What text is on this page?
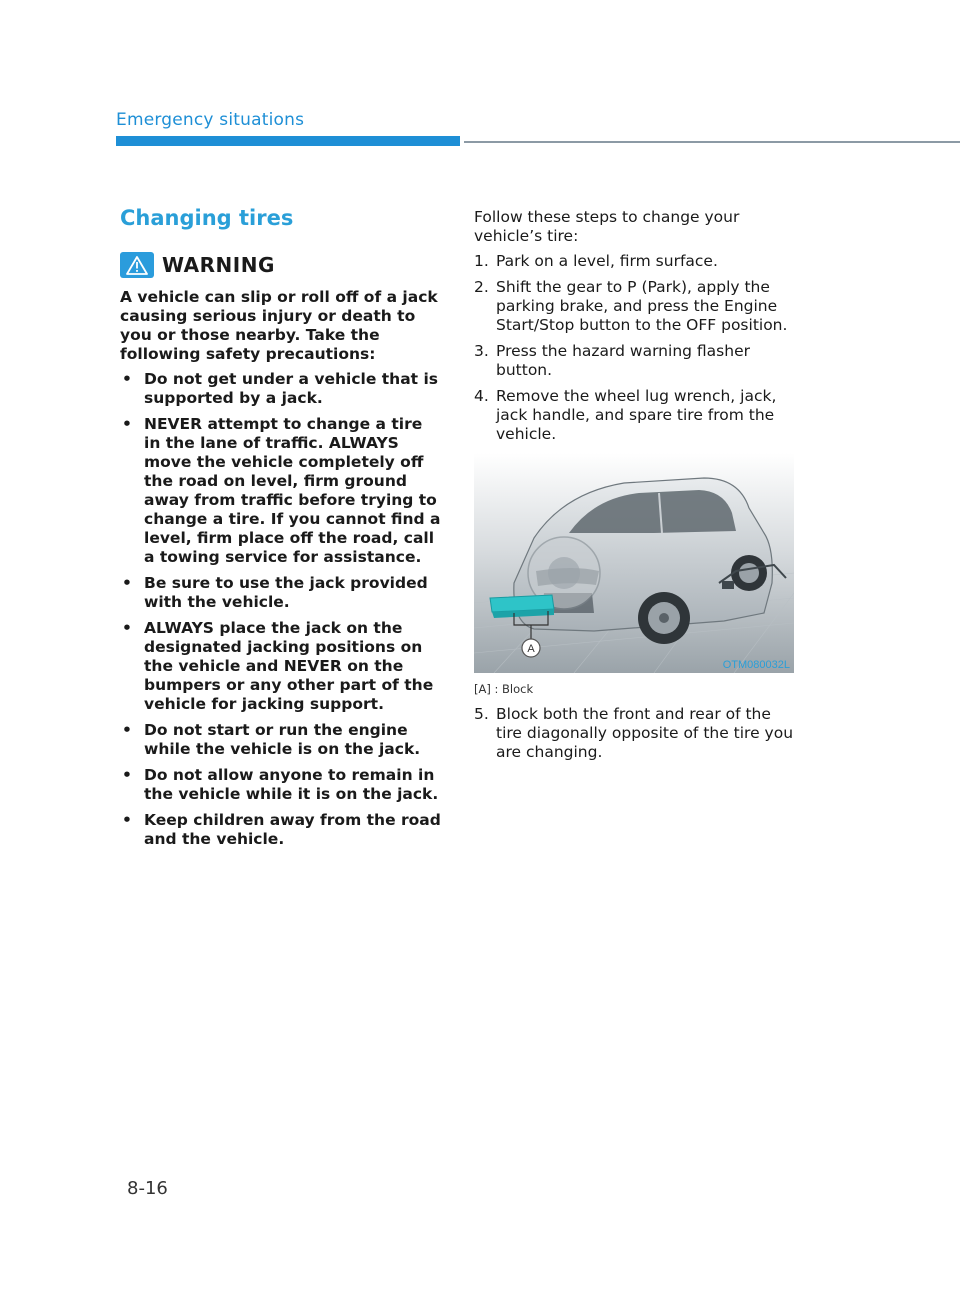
Emergency situations
Changing tires
WARNING

A vehicle can slip or roll off of a jack causing serious injury or death to you or those nearby. Take the following safety precautions:

• Do not get under a vehicle that is supported by a jack.
• NEVER attempt to change a tire in the lane of traffic. ALWAYS move the vehicle completely off the road on level, firm ground away from traffic before trying to change a tire. If you cannot find a level, firm place off the road, call a towing service for assistance.
• Be sure to use the jack provided with the vehicle.
• ALWAYS place the jack on the designated jacking positions on the vehicle and NEVER on the bumpers or any other part of the vehicle for jacking support.
• Do not start or run the engine while the vehicle is on the jack.
• Do not allow anyone to remain in the vehicle while it is on the jack.
• Keep children away from the road and the vehicle.

Follow these steps to change your vehicle’s tire:

1. Park on a level, firm surface.
2. Shift the gear to P (Park), apply the parking brake, and press the Engine Start/Stop button to the OFF position.
3. Press the hazard warning flasher button.
4. Remove the wheel lug wrench, jack, jack handle, and spare tire from the vehicle.
A
OTM080032L
[A] : Block
5. Block both the front and rear of the tire diagonally opposite of the tire you are changing.
8-16
